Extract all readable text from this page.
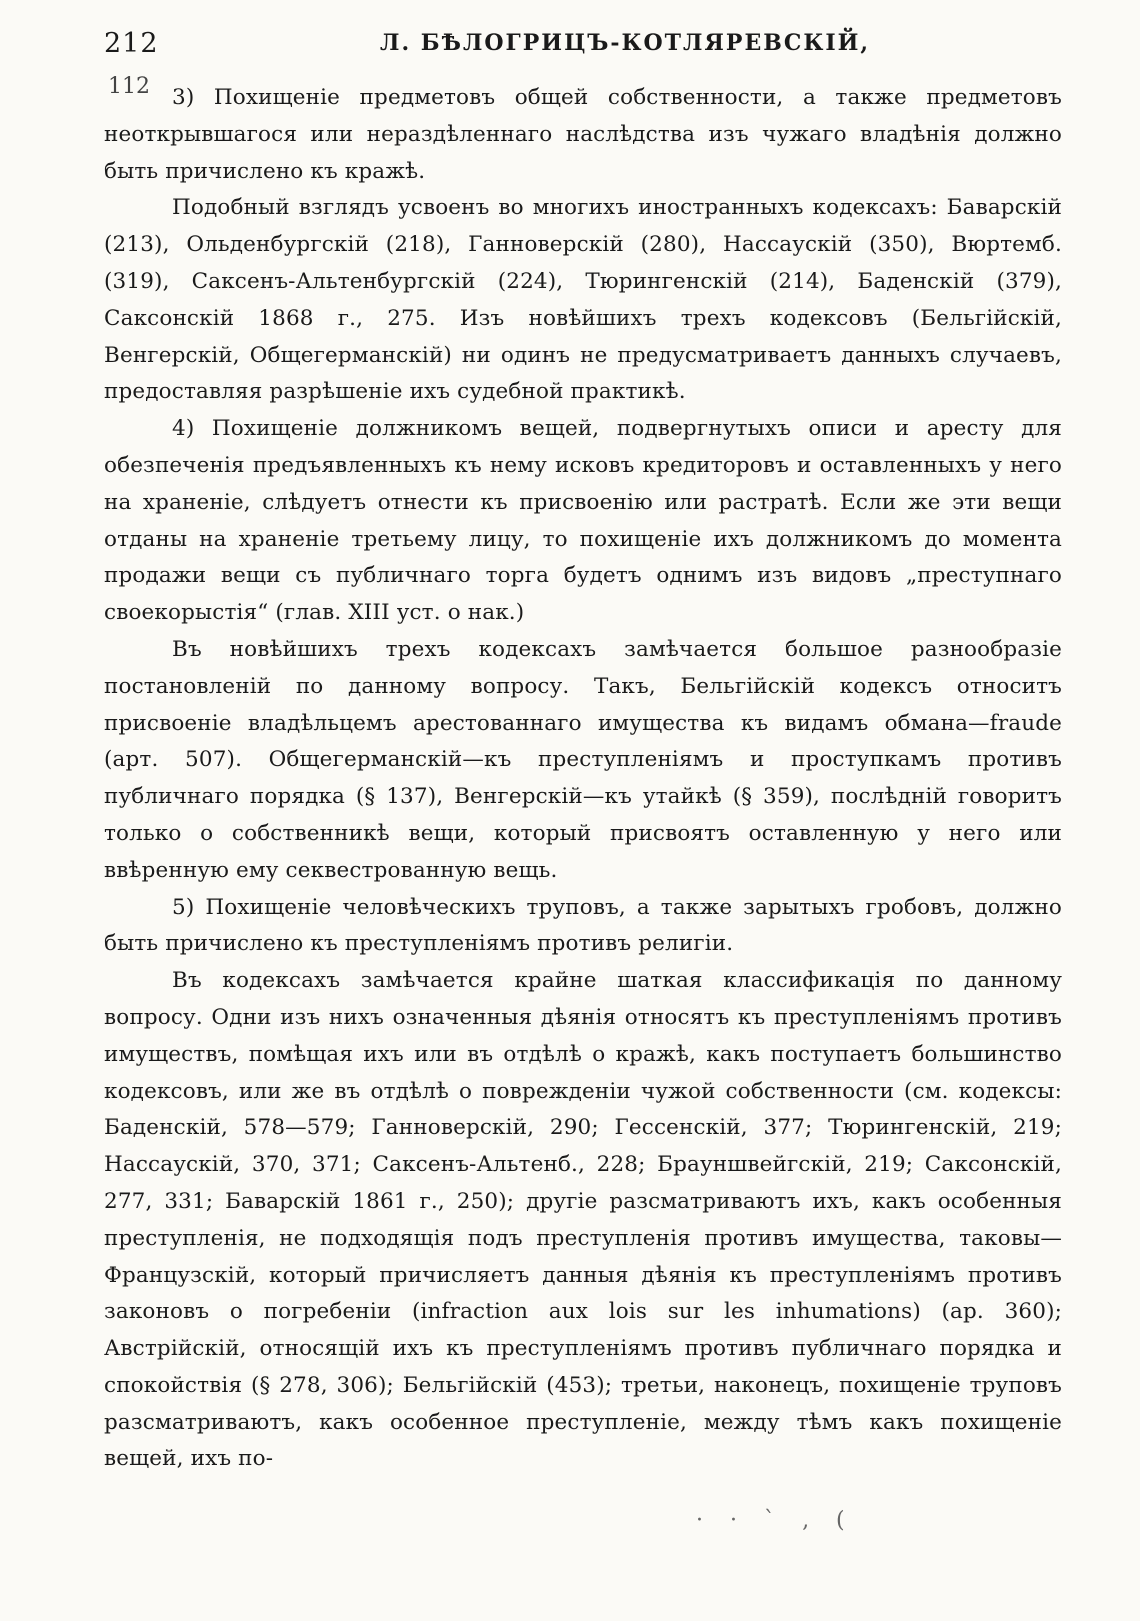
212	Л. БѢЛОГРИЦЪ-КОТЛЯРЕВСКІЙ,
112	3) Похищеніе предметовъ общей собственности, а также предметовъ неоткрывшагося или нераздѣленнаго наслѣдства изъ чужаго владѣнія должно быть причислено къ кражѣ.

Подобный взглядъ усвоенъ во многихъ иностранныхъ кодексахъ: Баварскій (213), Ольденбургскій (218), Ганноверскій (280), Нассаускій (350), Вюртемб. (319), Саксенъ-Альтенбургскій (224), Тюрингенскій (214), Баденскій (379), Саксонскій 1868 г., 275. Изъ новѣйшихъ трехъ кодексовъ (Бельгійскій, Венгерскій, Общегерманскій) ни одинъ не предусматриваетъ данныхъ случаевъ, предоставляя разрѣшеніе ихъ судебной практикѣ.

4) Похищеніе должникомъ вещей, подвергнутыхъ описи и аресту для обезпеченія предъявленныхъ къ нему исковъ кредиторовъ и оставленныхъ у него на храненіе, слѣдуетъ отнести къ присвоенію или растратѣ. Если же эти вещи отданы на храненіе третьему лицу, то похищеніе ихъ должникомъ до момента продажи вещи съ публичнаго торга будетъ однимъ изъ видовъ „преступнаго своекорыстія“ (глав. XIII уст. о нак.)

Въ новѣйшихъ трехъ кодексахъ замѣчается большое разнообразіе постановленій по данному вопросу. Такъ, Бельгійскій кодексъ относитъ присвоеніе владѣльцемъ арестованнаго имущества къ видамъ обмана—fraude (арт. 507). Общегерманскій—къ преступленіямъ и проступкамъ противъ публичнаго порядка (§ 137), Венгерскій—къ утайкѣ (§ 359), послѣдній говоритъ только о собственникѣ вещи, который присвоятъ оставленную у него или ввѣренную ему секвестрованную вещь.

5) Похищеніе человѣческихъ труповъ, а также зарытыхъ гробовъ, должно быть причислено къ преступленіямъ противъ религіи.

Въ кодексахъ замѣчается крайне шаткая классификація по данному вопросу. Одни изъ нихъ означенныя дѣянія относятъ къ преступленіямъ противъ имуществъ, помѣщая ихъ или въ отдѣлѣ о кражѣ, какъ поступаетъ большинство кодексовъ, или же въ отдѣлѣ о поврежденіи чужой собственности (см. кодексы: Баденскій, 578—579; Ганноверскій, 290; Гессенскій, 377; Тюрингенскій, 219; Нассаускій, 370, 371; Саксенъ-Альтенб., 228; Брауншвейгскій, 219; Саксонскій, 277, 331; Баварскій 1861 г., 250); другіе разсматриваютъ ихъ, какъ особенныя преступленія, не подходящія подъ преступленія противъ имущества, таковы—Французскій, который причисляетъ данныя дѣянія къ преступленіямъ противъ законовъ о погребеніи (infraction aux lois sur les inhumations) (ар. 360); Австрійскій, относящій ихъ къ преступленіямъ противъ публичнаго порядка и спокойствія (§ 278, 306); Бельгійскій (453); третьи, наконецъ, похищеніе труповъ разсматриваютъ, какъ особенное преступленіе, между тѣмъ какъ похищеніе вещей, ихъ по-

· · ` ‚ (
